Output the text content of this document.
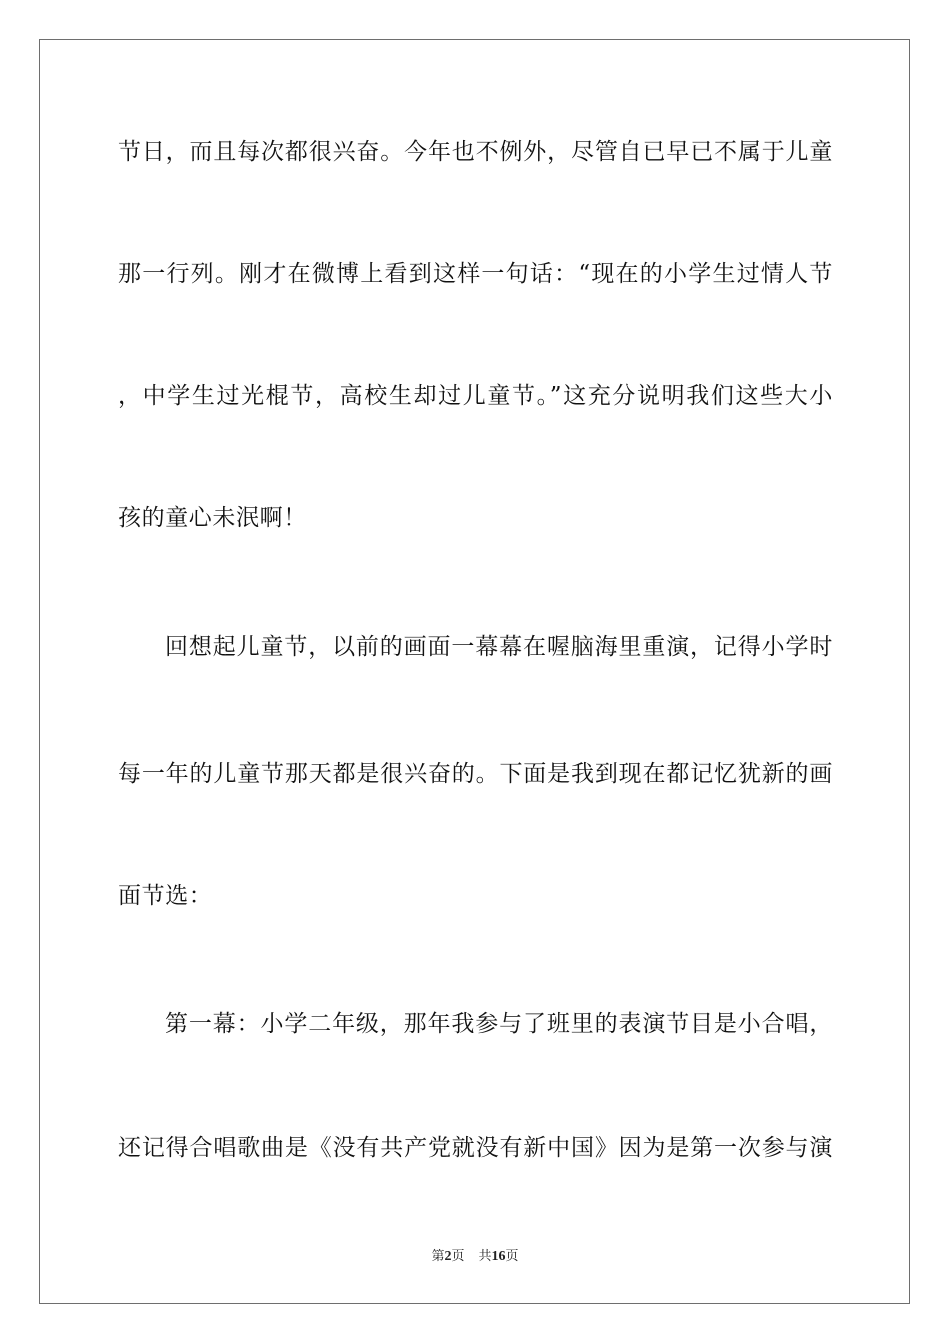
节日，而且每次都很兴奋。今年也不例外，尽管自已早已不属于儿童
那一行列。刚才在微博上看到这样一句话：“现在的小学生过情人节
，中学生过光棍节，高校生却过儿童节。”这充分说明我们这些大小
孩的童心未泯啊！
回想起儿童节，以前的画面一幕幕在喔脑海里重演，记得小学时
每一年的儿童节那天都是很兴奋的。下面是我到现在都记忆犹新的画
面节选：
第一幕：小学二年级，那年我参与了班里的表演节目是小合唱，
还记得合唱歌曲是《没有共产党就没有新中国》因为是第一次参与演
第2页 共16页
